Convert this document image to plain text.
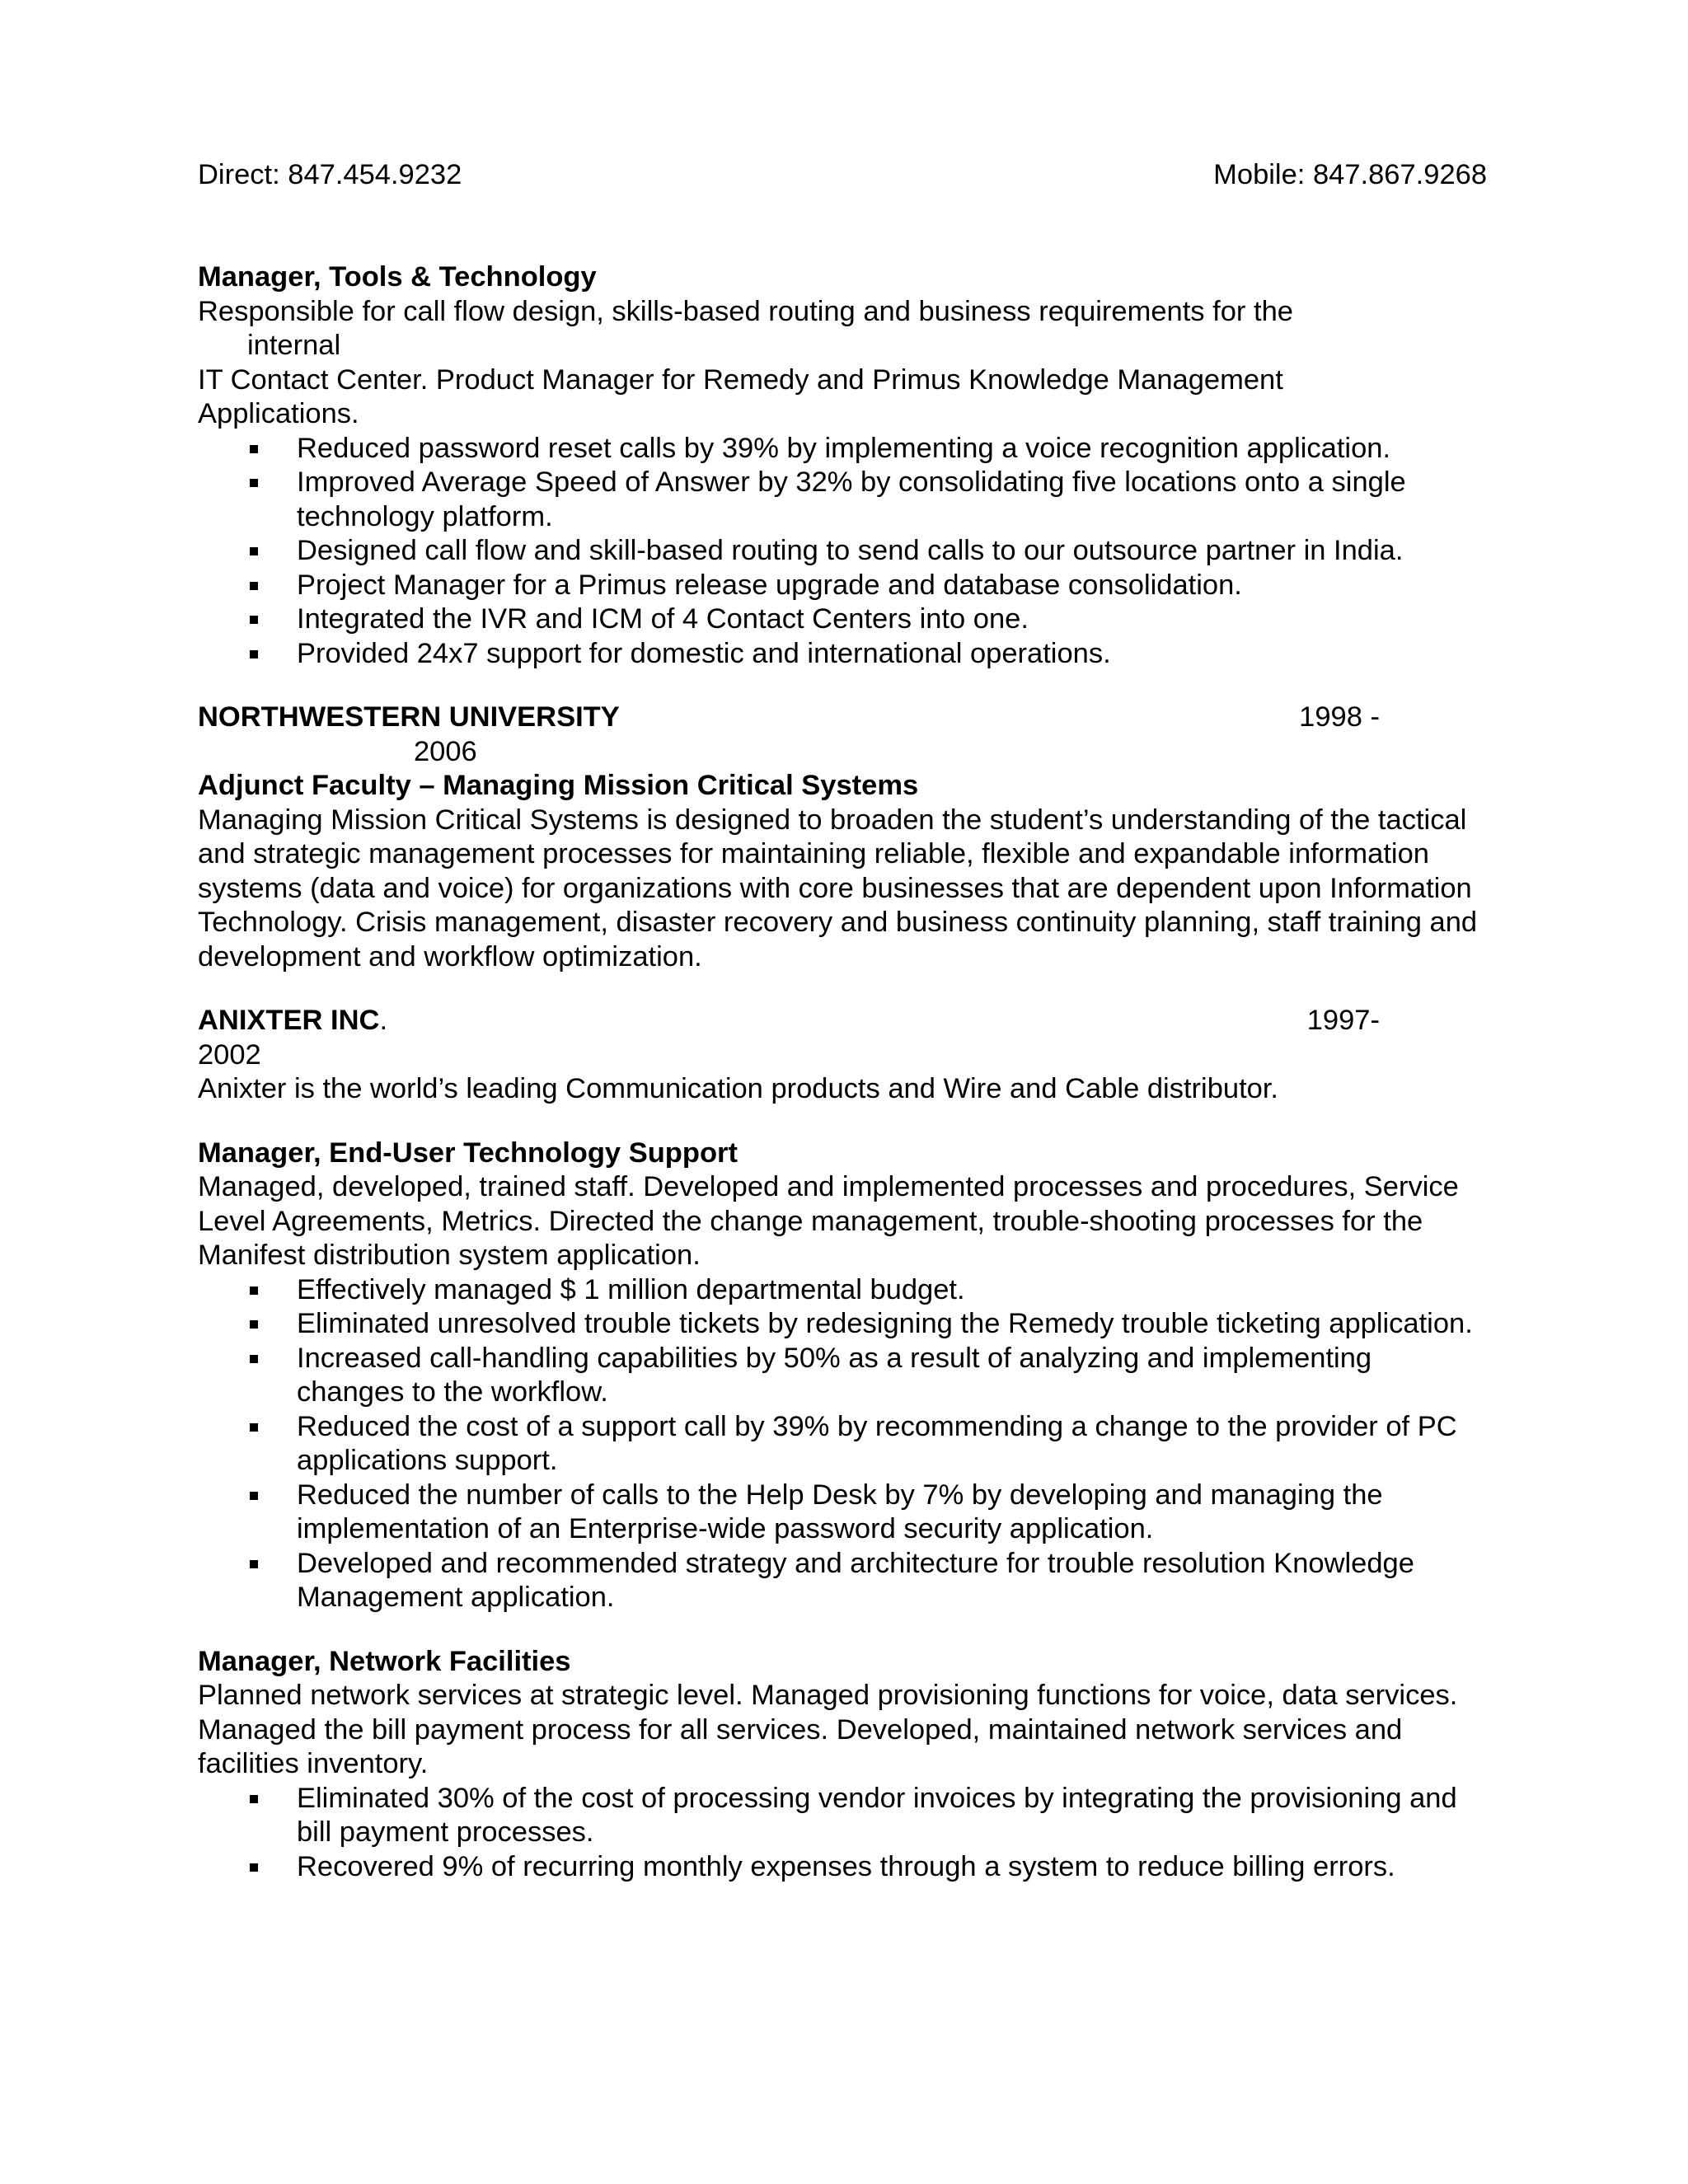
Direct: 847.454.9232	Mobile: 847.867.9268

Manager, Tools & Technology

Responsible for call flow design, skills-based routing and business requirements for the

internal

IT Contact Center. Product Manager for Remedy and Primus Knowledge Management

Applications.

Reduced password reset calls by 39% by implementing a voice recognition application.
Improved Average Speed of Answer by 32% by consolidating five locations onto a single technology platform.
Designed call flow and skill-based routing to send calls to our outsource partner in India.
Project Manager for a Primus release upgrade and database consolidation.
Integrated the IVR and ICM of 4 Contact Centers into one.
Provided 24x7 support for domestic and international operations.
NORTHWESTERN UNIVERSITY	1998 -

2006

Adjunct Faculty – Managing Mission Critical Systems

Managing Mission Critical Systems is designed to broaden the student’s understanding of the tactical and strategic management processes for maintaining reliable, flexible and expandable information systems (data and voice) for organizations with core businesses that are dependent upon Information Technology. Crisis management, disaster recovery and business continuity planning, staff training and development and workflow optimization.

ANIXTER INC.	1997-

2002

Anixter is the world’s leading Communication products and Wire and Cable distributor.

Manager, End-User Technology Support

Managed, developed, trained staff. Developed and implemented processes and procedures, Service Level Agreements, Metrics. Directed the change management, trouble-shooting processes for the Manifest distribution system application.

Effectively managed $ 1 million departmental budget.
Eliminated unresolved trouble tickets by redesigning the Remedy trouble ticketing application.
Increased call-handling capabilities by 50% as a result of analyzing and implementing changes to the workflow.
Reduced the cost of a support call by 39% by recommending a change to the provider of PC applications support.
Reduced the number of calls to the Help Desk by 7% by developing and managing the implementation of an Enterprise-wide password security application.
Developed and recommended strategy and architecture for trouble resolution Knowledge Management application.

Manager, Network Facilities

Planned network services at strategic level. Managed provisioning functions for voice, data services. Managed the bill payment process for all services. Developed, maintained network services and facilities inventory.

Eliminated 30% of the cost of processing vendor invoices by integrating the provisioning and bill payment processes.
Recovered 9% of recurring monthly expenses through a system to reduce billing errors.
